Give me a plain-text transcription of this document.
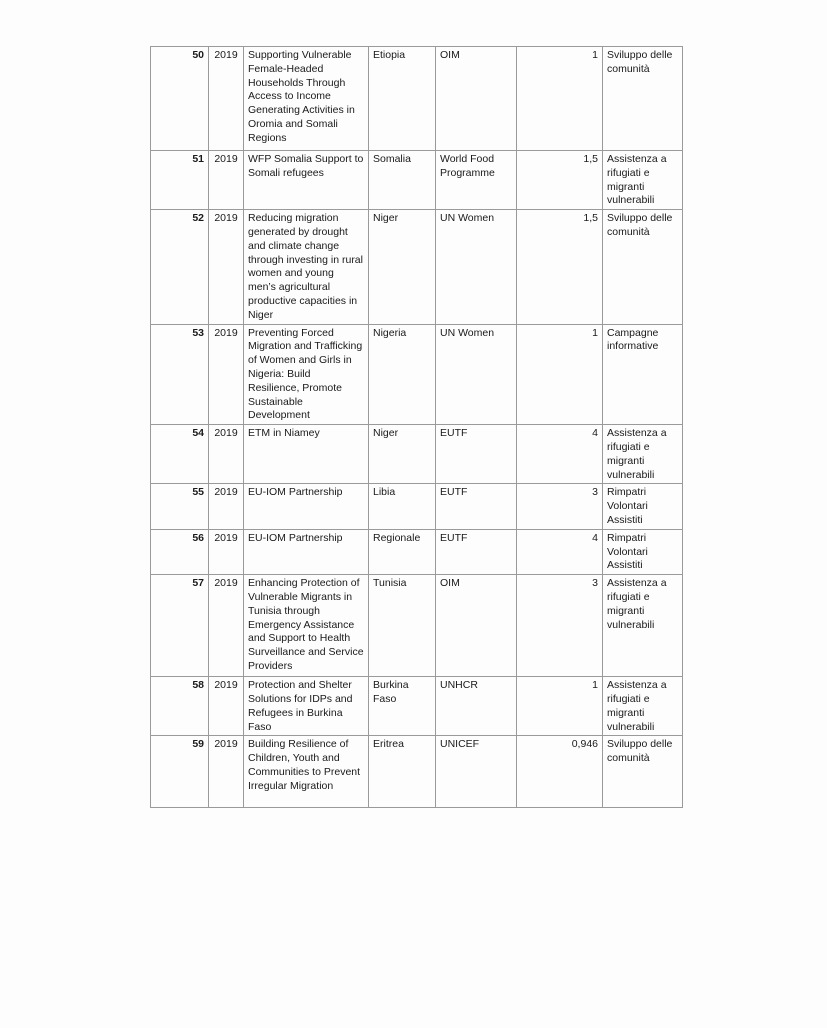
50	2019	Supporting Vulnerable Female-Headed Households Through Access to Income Generating Activities in Oromia and Somali Regions	Etiopia	OIM	1	Sviluppo delle comunità
51	2019	WFP Somalia Support to Somali refugees	Somalia	World Food Programme	1,5	Assistenza a rifugiati e migranti vulnerabili
52	2019	Reducing migration generated by drought and climate change through investing in rural women and young men’s agricultural productive capacities in Niger	Niger	UN Women	1,5	Sviluppo delle comunità
53	2019	Preventing Forced Migration and Trafficking of Women and Girls in Nigeria: Build Resilience, Promote Sustainable Development	Nigeria	UN Women	1	Campagne informative
54	2019	ETM in Niamey	Niger	EUTF	4	Assistenza a rifugiati e migranti vulnerabili
55	2019	EU-IOM Partnership	Libia	EUTF	3	Rimpatri Volontari Assistiti
56	2019	EU-IOM Partnership	Regionale	EUTF	4	Rimpatri Volontari Assistiti
57	2019	Enhancing Protection of Vulnerable Migrants in Tunisia through Emergency Assistance and Support to Health Surveillance and Service Providers	Tunisia	OIM	3	Assistenza a rifugiati e migranti vulnerabili
58	2019	Protection and Shelter Solutions for IDPs and Refugees in Burkina Faso	Burkina Faso	UNHCR	1	Assistenza a rifugiati e migranti vulnerabili
59	2019	Building Resilience of Children, Youth and Communities to Prevent Irregular Migration	Eritrea	UNICEF	0,946	Sviluppo delle comunità
